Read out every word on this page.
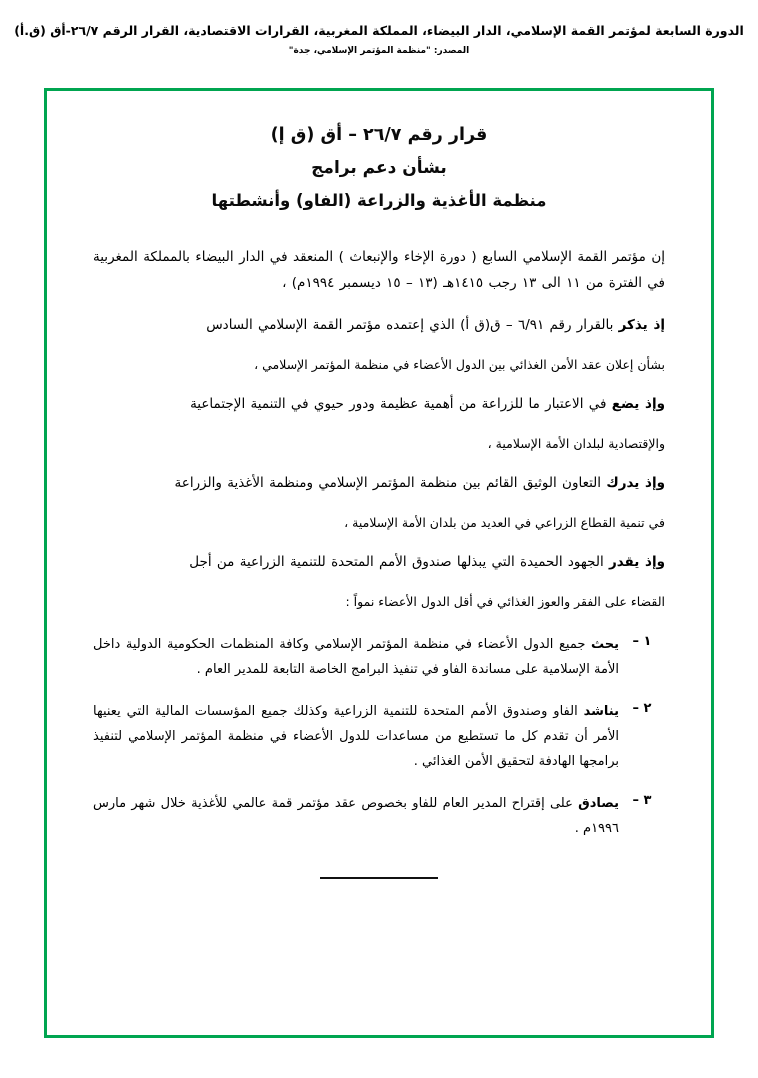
الدورة السابعة لمؤتمر القمة الإسلامي، الدار البيضاء، المملكة المغربية، القرارات الاقتصادية، القرار الرقم ٢٦/٧-أق (ق.أ)
المصدر: "منظمة المؤتمر الإسلامي، جدة"
قرار رقم ٢٦/٧ – أق (ق إ)
بشأن دعم برامج
منظمة الأغذية والزراعة (الفاو) وأنشطتها

إن مؤتمر القمة الإسلامي السابع ( دورة الإخاء والإنبعاث ) المنعقد في الدار البيضاء بالمملكة المغربية في الفترة من ١١ الى ١٣ رجب ١٤١٥هـ (١٣ – ١٥ ديسمبر ١٩٩٤م) ،

إذ يذكر بالقرار رقم ٦/٩١ – ق(ق أ) الذي إعتمده مؤتمر القمة الإسلامي السادس

بشأن إعلان عقد الأمن الغذائي بين الدول الأعضاء في منظمة المؤتمر الإسلامي ،

وإذ يضع في الاعتبار ما للزراعة من أهمية عظيمة ودور حيوي في التنمية الإجتماعية

والإقتصادية لبلدان الأمة الإسلامية ،

وإذ يدرك التعاون الوثيق القائم بين منظمة المؤتمر الإسلامي ومنظمة الأغذية والزراعة

في تنمية القطاع الزراعي في العديد من بلدان الأمة الإسلامية ،

وإذ يقدر الجهود الحميدة التي يبذلها صندوق الأمم المتحدة للتنمية الزراعية من أجل

القضاء على الفقر والعوز الغذائي في أقل الدول الأعضاء نمواً :

١ –
يحث جميع الدول الأعضاء في منظمة المؤتمر الإسلامي وكافة المنظمات الحكومية الدولية داخل الأمة الإسلامية على مساندة الفاو في تنفيذ البرامج الخاصة التابعة للمدير العام .
٢ –
يناشد الفاو وصندوق الأمم المتحدة للتنمية الزراعية وكذلك جميع المؤسسات المالية التي يعنيها الأمر أن تقدم كل ما تستطيع من مساعدات للدول الأعضاء في منظمة المؤتمر الإسلامي لتنفيذ برامجها الهادفة لتحقيق الأمن الغذائي .
٣ –
يصادق على إقتراح المدير العام للفاو بخصوص عقد مؤتمر قمة عالمي للأغذية خلال شهر مارس ١٩٩٦م .
